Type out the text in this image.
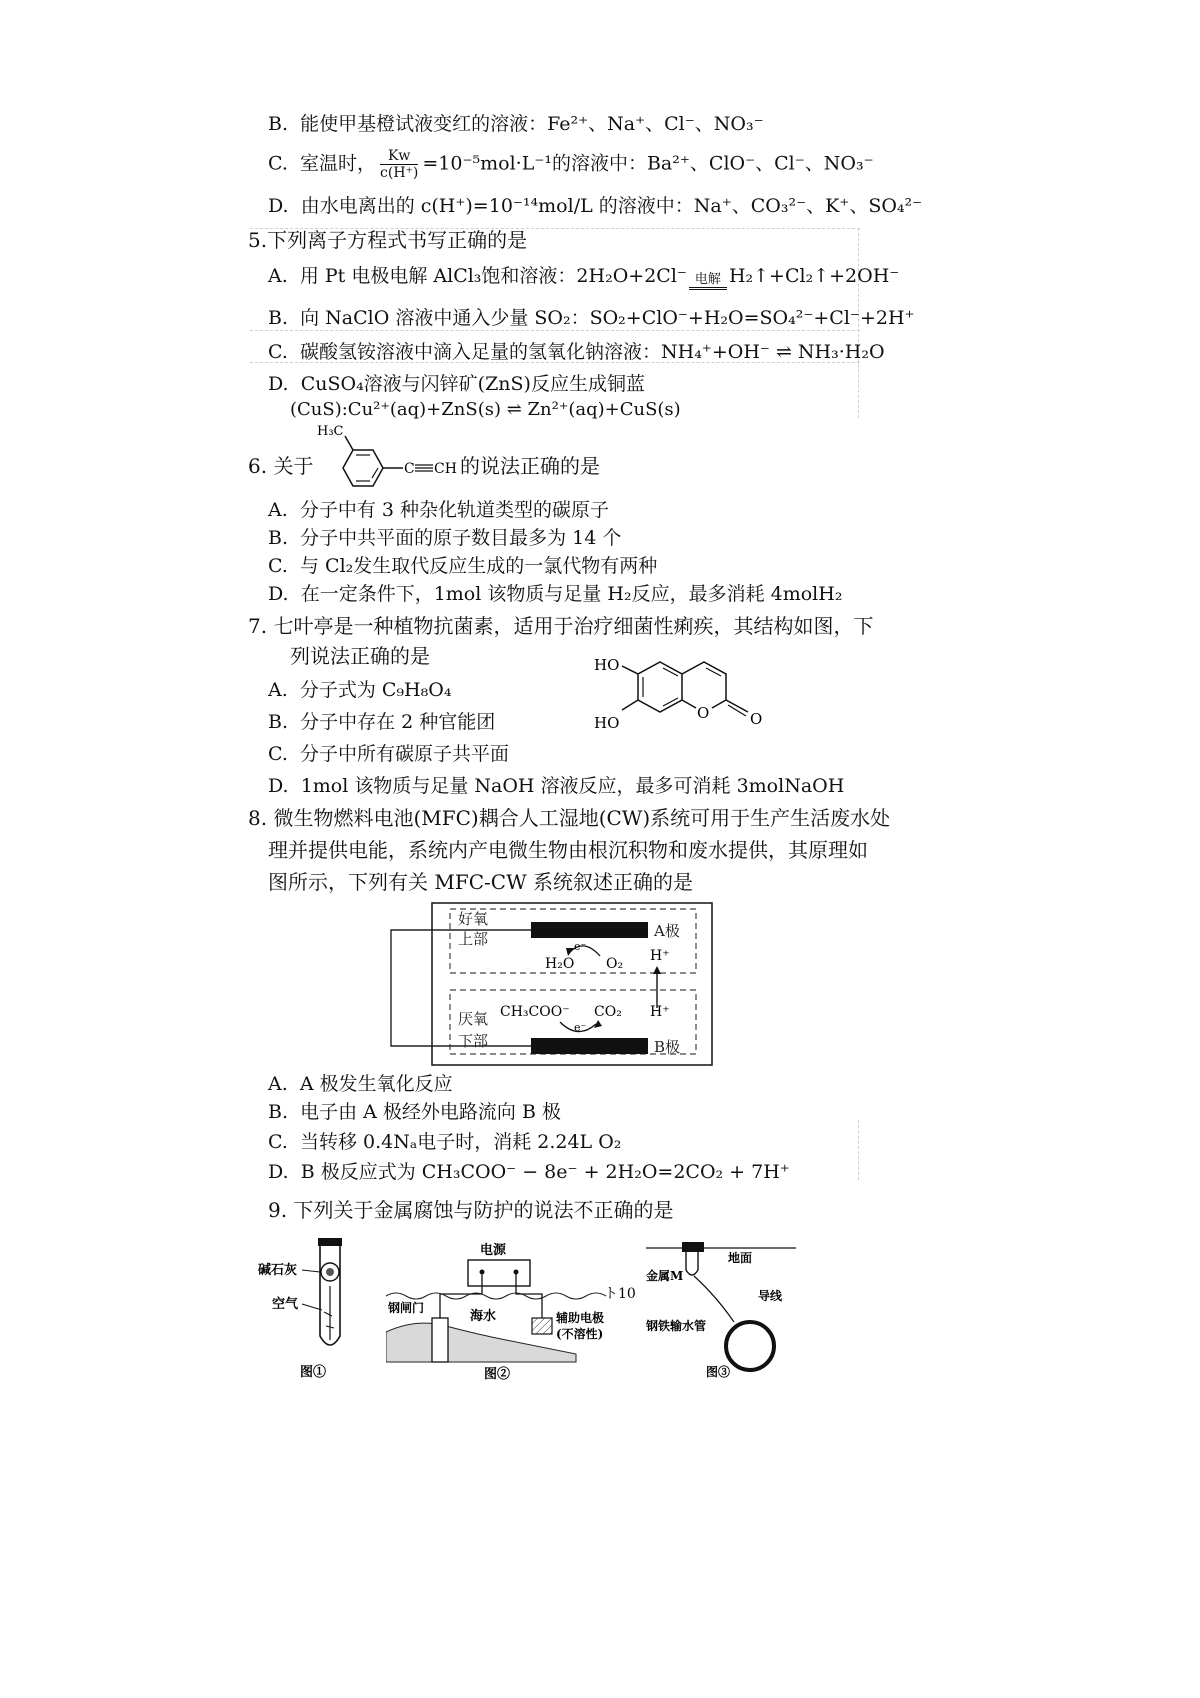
B. 能使甲基橙试液变红的溶液：Fe²⁺、Na⁺、Cl⁻、NO₃⁻
C. 室温时， $\frac{Kw}{c(H^+)} =10^{-5}mol\cdot L^{-1}$的溶液中：Ba²⁺、ClO⁻、Cl⁻、NO₃⁻
D. 由水电离出的 c(H⁺)=10⁻¹⁴mol/L 的溶液中：Na⁺、CO₃²⁻、K⁺、SO₄²⁻
5.下列离子方程式书写正确的是
A. 用 Pt 电极电解 AlCl₃饱和溶液：2H₂O+2Cl⁻ 电解 H₂↑+Cl₂↑+2OH⁻
B. 向 NaClO 溶液中通入少量 SO₂：SO₂+ClO⁻+H₂O=SO₄²⁻+Cl⁻+2H⁺
C. 碳酸氢铵溶液中滴入足量的氢氧化钠溶液：NH₄⁺+OH⁻ ⇌ NH₃·H₂O
D. CuSO₄溶液与闪锌矿(ZnS)反应生成铜蓝
(CuS):Cu²⁺(aq)+ZnS(s) ⇌ Zn²⁺(aq)+CuS(s)
6. 关于
H₃C
C CH 的说法正确的是
A. 分子中有 3 种杂化轨道类型的碳原子
B. 分子中共平面的原子数目最多为 14 个
C. 与 Cl₂发生取代反应生成的一氯代物有两种
D. 在一定条件下，1mol 该物质与足量 H₂反应，最多消耗 4molH₂
7. 七叶亭是一种植物抗菌素，适用于治疗细菌性痢疾，其结构如图，下
列说法正确的是
A. 分子式为 C₉H₈O₄
B. 分子中存在 2 种官能团
C. 分子中所有碳原子共平面
D. 1mol 该物质与足量 NaOH 溶液反应，最多可消耗 3molNaOH
O	O
HO
HO
8. 微生物燃料电池(MFC)耦合人工湿地(CW)系统可用于生产生活废水处
理并提供电能，系统内产电微生物由根沉积物和废水提供，其原理如
图所示，下列有关 MFC-CW 系统叙述正确的是
好氧
上部	A极
厌氧
下部	B极
H₂O O₂
e⁻
H⁺
H⁺
CH₃COO⁻ CO₂
e⁻
A. A 极发生氧化反应
B. 电子由 A 极经外电路流向 B 极
C. 当转移 0.4Nₐ电子时，消耗 2.24L O₂
D. B 极反应式为 CH₃COO⁻ − 8e⁻ + 2H₂O=2CO₂ + 7H⁺
9. 下列关于金属腐蚀与防护的说法不正确的是
碱石灰
空气
图①
电源
钢闸门
海水	辅助电极
(不溶性)
ト10
图②
地面
金属M
导线
钢铁输水管
图③
